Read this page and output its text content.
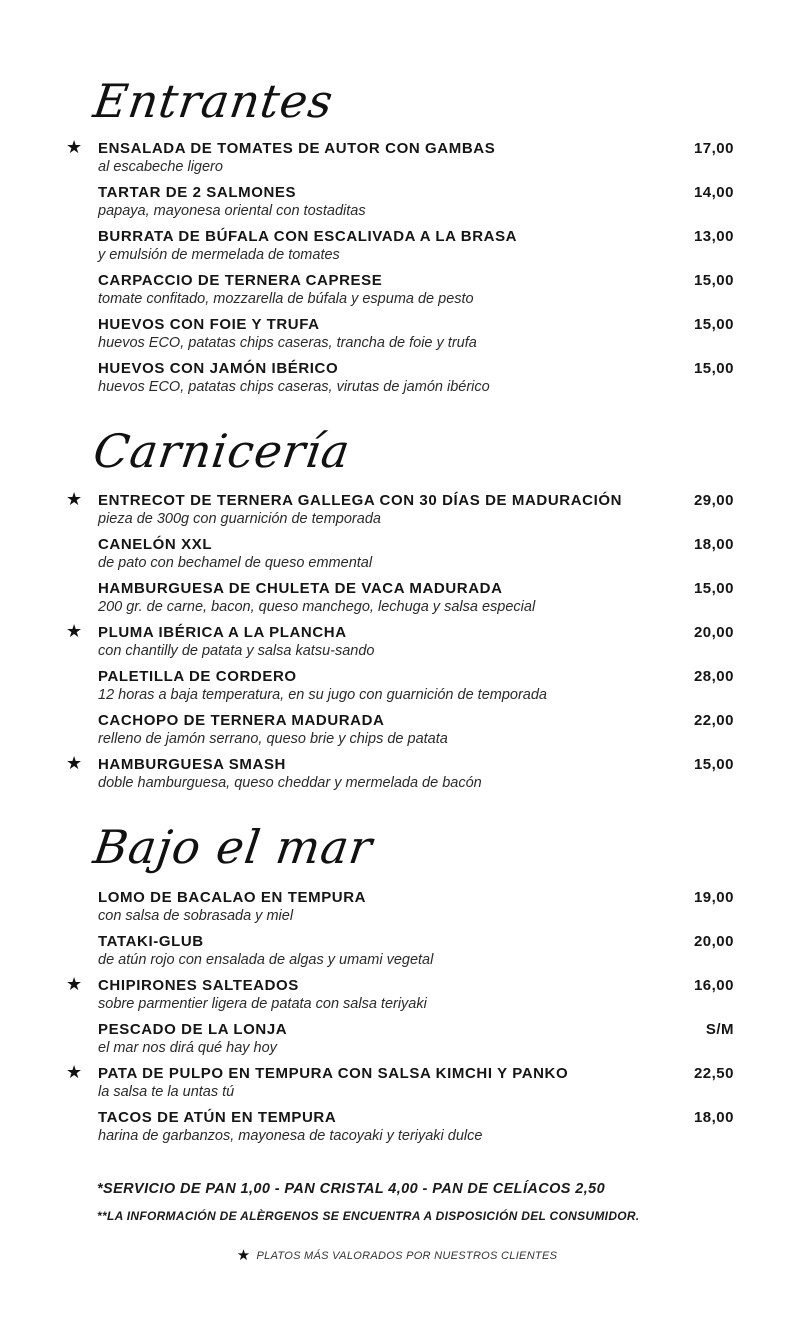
Entrantes
★ ENSALADA DE TOMATES DE AUTOR CON GAMBAS
al escabeche ligero
17,00
TARTAR DE 2 SALMONES
papaya, mayonesa oriental con tostaditas
14,00
BURRATA DE BÚFALA CON ESCALIVADA A LA BRASA
y emulsión de mermelada de tomates
13,00
CARPACCIO DE TERNERA CAPRESE
tomate confitado, mozzarella de búfala y espuma de pesto
15,00
HUEVOS CON FOIE Y TRUFA
huevos ECO, patatas chips caseras, trancha de foie y trufa
15,00
HUEVOS CON JAMÓN IBÉRICO
huevos ECO, patatas chips caseras, virutas de jamón ibérico
15,00
Carnicería
★ ENTRECOT DE TERNERA GALLEGA CON 30 DÍAS DE MADURACIÓN
pieza de 300g con guarnición de temporada
29,00
CANELÓN XXL
de pato con bechamel de queso emmental
18,00
HAMBURGUESA DE CHULETA DE VACA MADURADA
200 gr. de carne, bacon, queso manchego, lechuga y salsa especial
15,00
★ PLUMA IBÉRICA A LA PLANCHA
con chantilly de patata y salsa katsu-sando
20,00
PALETILLA DE CORDERO
12 horas a baja temperatura, en su jugo con guarnición de temporada
28,00
CACHOPO DE TERNERA MADURADA
relleno de jamón serrano, queso brie y chips de patata
22,00
★ HAMBURGUESA SMASH
doble hamburguesa, queso cheddar y mermelada de bacón
15,00
Bajo el mar
LOMO DE BACALAO EN TEMPURA
con salsa de sobrasada y miel
19,00
TATAKI-GLUB
de atún rojo con ensalada de algas y umami vegetal
20,00
★ CHIPIRONES SALTEADOS
sobre parmentier ligera de patata con salsa teriyaki
16,00
PESCADO DE LA LONJA
el mar nos dirá qué hay hoy
S/M
★ PATA DE PULPO EN TEMPURA CON SALSA KIMCHI Y PANKO
la salsa te la untas tú
22,50
TACOS DE ATÚN EN TEMPURA
harina de garbanzos, mayonesa de tacoyaki y teriyaki dulce
18,00
*SERVICIO DE PAN 1,00 - PAN CRISTAL 4,00 - PAN DE CELÍACOS 2,50
**LA INFORMACIÓN DE ALÈRGENOS SE ENCUENTRA A DISPOSICIÓN DEL CONSUMIDOR.
★ PLATOS MÁS VALORADOS POR NUESTROS CLIENTES
